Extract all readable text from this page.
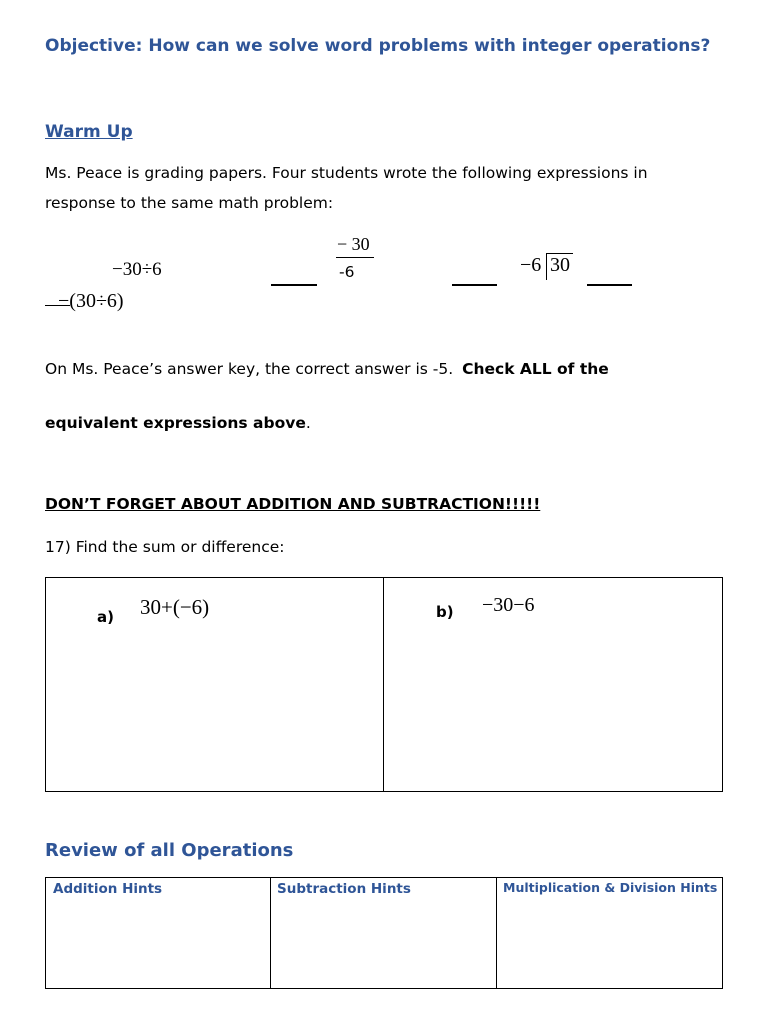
Objective: How can we solve word problems with integer operations?
Warm Up
Ms. Peace is grading papers. Four students wrote the following expressions in
response to the same math problem:
−30÷6
− 30
-6	−6 30
−(30÷6)
On Ms. Peace’s answer key, the correct answer is -5. Check ALL of the
equivalent expressions above.
DON’T FORGET ABOUT ADDITION AND SUBTRACTION!!!!!
17) Find the sum or difference:
a) 30+(−6)	b) −30−6
Review of all Operations
Addition Hints	Subtraction Hints	Multiplication & Division Hints
